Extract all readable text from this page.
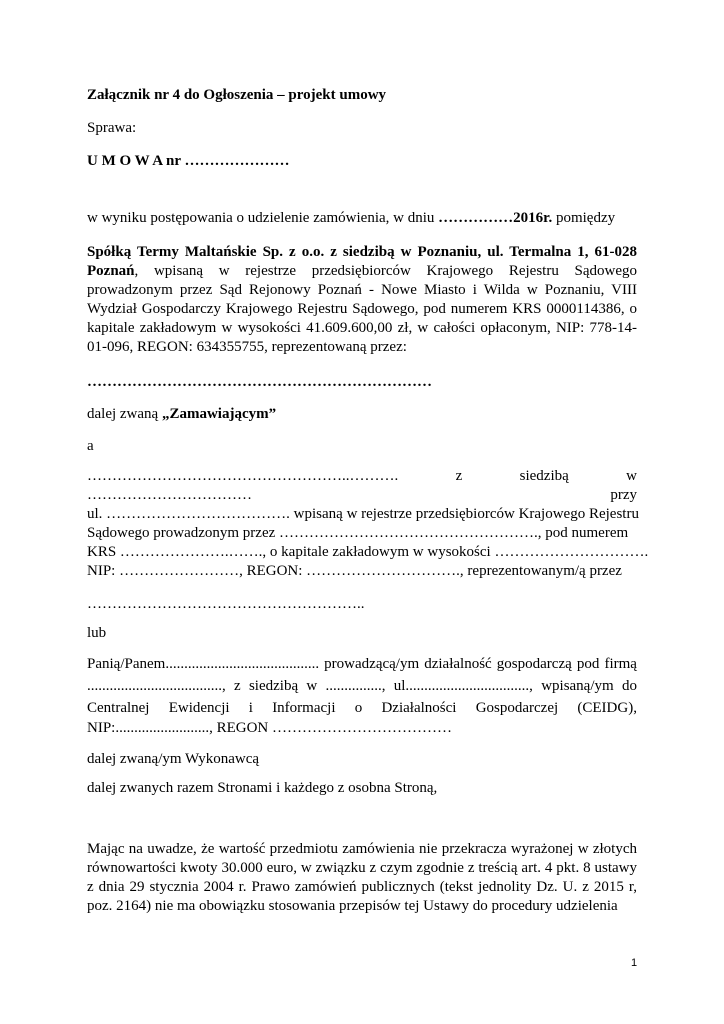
Załącznik nr 4 do Ogłoszenia – projekt umowy
Sprawa:
U M O W A nr …………………
w wyniku postępowania o udzielenie zamówienia, w dniu ……………2016r. pomiędzy
Spółką Termy Maltańskie Sp. z o.o. z siedzibą w Poznaniu, ul. Termalna 1, 61-028 Poznań, wpisaną w rejestrze przedsiębiorców Krajowego Rejestru Sądowego prowadzonym przez Sąd Rejonowy Poznań - Nowe Miasto i Wilda w Poznaniu, VIII Wydział Gospodarczy Krajowego Rejestru Sądowego, pod numerem KRS 0000114386, o kapitale zakładowym w wysokości 41.609.600,00 zł, w całości opłaconym, NIP: 778-14-01-096, REGON: 634355755, reprezentowaną przez:
……………………………………………………………
dalej zwaną „Zamawiającym”
a
……………………………………………..……….	z	siedzibą	w
……………………………	przy
ul. ………………………………. wpisaną w rejestrze przedsiębiorców Krajowego Rejestru
Sądowego prowadzonym przez ……………………………………………., pod numerem
KRS ………………….……., o kapitale zakładowym w wysokości ………………………….
NIP: ……………………, REGON: …………………………., reprezentowanym/ą przez
………………………………………………..
lub
Panią/Panem......................................... prowadzącą/ym działalność gospodarczą pod firmą
...................................., z siedzibą w ..............., ul................................., wpisaną/ym do
Centralnej Ewidencji i Informacji o Działalności Gospodarczej (CEIDG),
NIP:........................., REGON ………………………………
dalej zwaną/ym Wykonawcą
dalej zwanych razem Stronami i każdego z osobna Stroną,
Mając na uwadze, że wartość przedmiotu zamówienia nie przekracza wyrażonej w złotych równowartości kwoty 30.000 euro, w związku z czym zgodnie z treścią art. 4 pkt. 8 ustawy z dnia 29 stycznia 2004 r. Prawo zamówień publicznych (tekst jednolity Dz. U. z 2015 r, poz. 2164) nie ma obowiązku stosowania przepisów tej Ustawy do procedury udzielenia
1
